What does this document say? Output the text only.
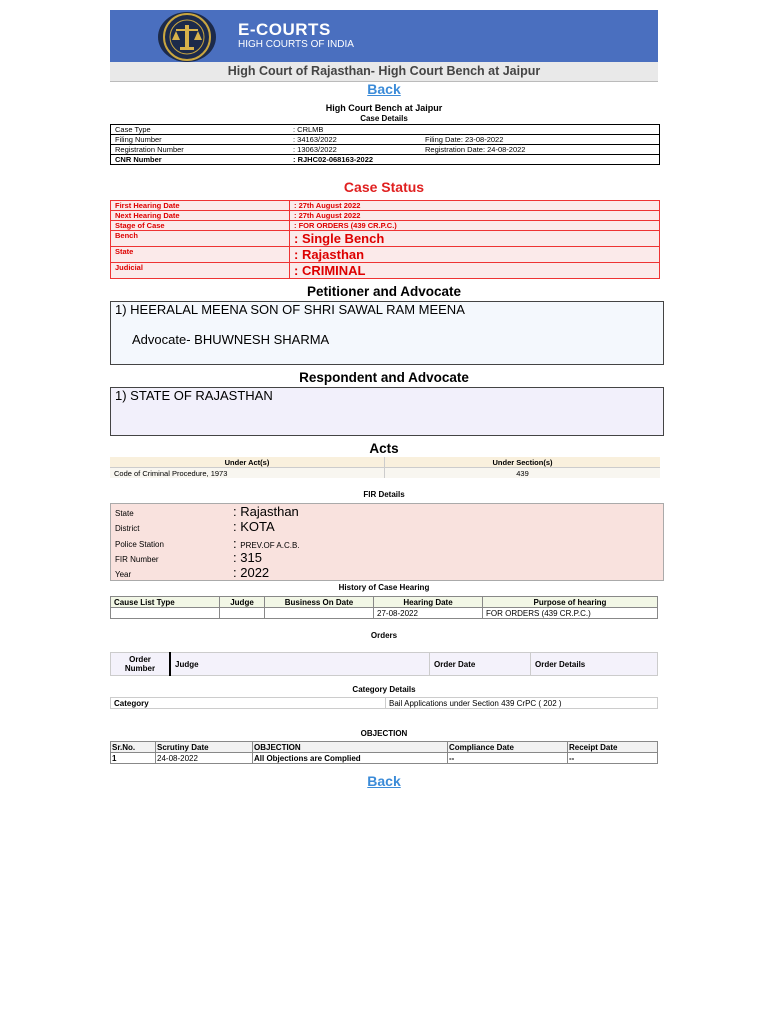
E-COURTS
HIGH COURTS OF INDIA
High Court of Rajasthan- High Court Bench at Jaipur
Back
High Court Bench at Jaipur
Case Details
Case Type	: CRLMB	
Filing Number	: 34163/2022	Filing Date: 23-08-2022
Registration Number	: 13063/2022	Registration Date: 24-08-2022
CNR Number	: RJHC02-068163-2022	
Case Status
First Hearing Date	: 27th August 2022
Next Hearing Date	: 27th August 2022
Stage of Case	: FOR ORDERS (439 CR.P.C.)
Bench	: Single Bench
State	: Rajasthan
Judicial	: CRIMINAL
Petitioner and Advocate
1) HEERALAL MEENA SON OF SHRI SAWAL RAM MEENA
Advocate- BHUWNESH SHARMA
Respondent and Advocate
1) STATE OF RAJASTHAN
Acts
Under Act(s)	Under Section(s)
Code of Criminal Procedure, 1973	439
FIR Details
State	: Rajasthan
District	: KOTA
Police Station	: PREV.OF A.C.B.
FIR Number	: 315
Year	: 2022
History of Case Hearing
Cause List Type	Judge	Business On Date	Hearing Date	Purpose of hearing
			27-08-2022	FOR ORDERS (439 CR.P.C.)
Orders
Order
Number	Judge	Order Date	Order Details
Category Details
Category	Bail Applications under Section 439 CrPC ( 202 )
OBJECTION
Sr.No.	Scrutiny Date	OBJECTION	Compliance Date	Receipt Date
1	24-08-2022	All Objections are Complied	--	--
Back
